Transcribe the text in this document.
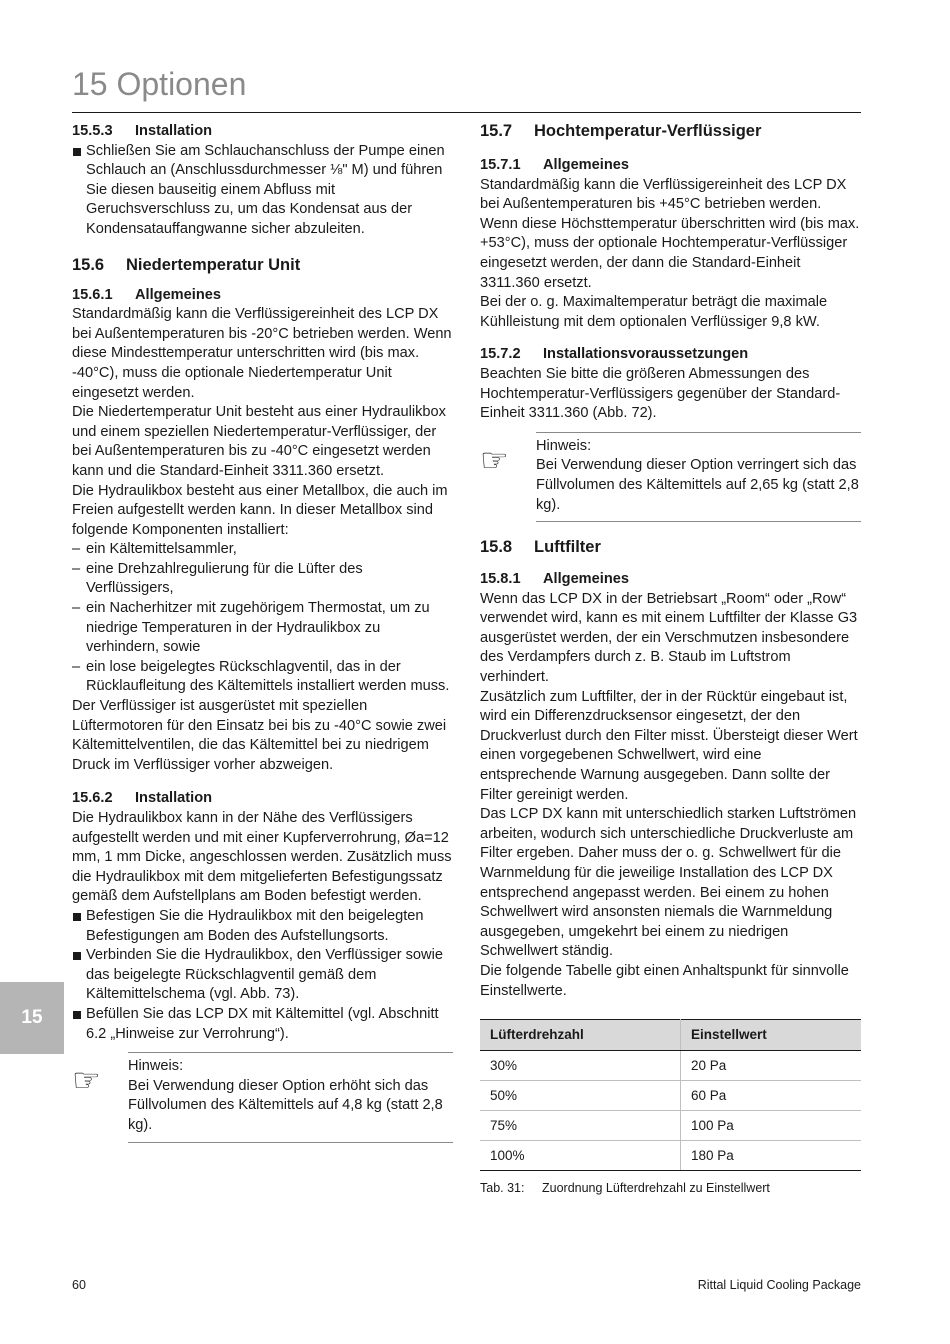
15 Optionen
15
15.5.3 Installation
Schließen Sie am Schlauchanschluss der Pumpe einen Schlauch an (Anschlussdurchmesser ⅛" M) und führen Sie diesen bauseitig einem Abfluss mit Geruchsverschluss zu, um das Kondensat aus der Kondensatauffangwanne sicher abzuleiten.
15.6 Niedertemperatur Unit
15.6.1 Allgemeines

Standardmäßig kann die Verflüssigereinheit des LCP DX bei Außentemperaturen bis -20°C betrieben werden. Wenn diese Mindesttemperatur unterschritten wird (bis max. -40°C), muss die optionale Niedertemperatur Unit eingesetzt werden.

Die Niedertemperatur Unit besteht aus einer Hydraulikbox und einem speziellen Niedertemperatur-Verflüssiger, der bei Außentemperaturen bis zu -40°C eingesetzt werden kann und die Standard-Einheit 3311.360 ersetzt.

Die Hydraulikbox besteht aus einer Metallbox, die auch im Freien aufgestellt werden kann. In dieser Metallbox sind folgende Komponenten installiert:

– ein Kältemittelsammler,
– eine Drehzahlregulierung für die Lüfter des Verflüssigers,
– ein Nacherhitzer mit zugehörigem Thermostat, um zu niedrige Temperaturen in der Hydraulikbox zu verhindern, sowie
– ein lose beigelegtes Rückschlagventil, das in der Rücklaufleitung des Kältemittels installiert werden muss.

Der Verflüssiger ist ausgerüstet mit speziellen Lüftermotoren für den Einsatz bei bis zu -40°C sowie zwei Kältemittelventilen, die das Kältemittel bei zu niedrigem Druck im Verflüssiger vorher abzweigen.

15.6.2 Installation

Die Hydraulikbox kann in der Nähe des Verflüssigers aufgestellt werden und mit einer Kupferverrohrung, Øa=12 mm, 1 mm Dicke, angeschlossen werden. Zusätzlich muss die Hydraulikbox mit dem mitgelieferten Befestigungssatz gemäß dem Aufstellplans am Boden befestigt werden.

Befestigen Sie die Hydraulikbox mit den beigelegten Befestigungen am Boden des Aufstellungsorts.
Verbinden Sie die Hydraulikbox, den Verflüssiger sowie das beigelegte Rückschlagventil gemäß dem Kältemittelschema (vgl. Abb. 73).
Befüllen Sie das LCP DX mit Kältemittel (vgl. Abschnitt 6.2 „Hinweise zur Verrohrung“).
☞	Hinweis:
Bei Verwendung dieser Option erhöht sich das Füllvolumen des Kältemittels auf 4,8 kg (statt 2,8 kg).
15.7 Hochtemperatur-Verflüssiger
15.7.1 Allgemeines

Standardmäßig kann die Verflüssigereinheit des LCP DX bei Außentemperaturen bis +45°C betrieben werden. Wenn diese Höchsttemperatur überschritten wird (bis max. +53°C), muss der optionale Hochtemperatur-Verflüssiger eingesetzt werden, der dann die Standard-Einheit 3311.360 ersetzt.

Bei der o. g. Maximaltemperatur beträgt die maximale Kühlleistung mit dem optionalen Verflüssiger 9,8 kW.

15.7.2 Installationsvoraussetzungen

Beachten Sie bitte die größeren Abmessungen des Hochtemperatur-Verflüssigers gegenüber der Standard-Einheit 3311.360 (Abb. 72).

☞	Hinweis:
Bei Verwendung dieser Option verringert sich das Füllvolumen des Kältemittels auf 2,65 kg (statt 2,8 kg).
15.8 Luftfilter
15.8.1 Allgemeines

Wenn das LCP DX in der Betriebsart „Room“ oder „Row“ verwendet wird, kann es mit einem Luftfilter der Klasse G3 ausgerüstet werden, der ein Verschmutzen insbesondere des Verdampfers durch z. B. Staub im Luftstrom verhindert.

Zusätzlich zum Luftfilter, der in der Rücktür eingebaut ist, wird ein Differenzdrucksensor eingesetzt, der den Druckverlust durch den Filter misst. Übersteigt dieser Wert einen vorgegebenen Schwellwert, wird eine entsprechende Warnung ausgegeben. Dann sollte der Filter gereinigt werden.

Das LCP DX kann mit unterschiedlich starken Luftströmen arbeiten, wodurch sich unterschiedliche Druckverluste am Filter ergeben. Daher muss der o. g. Schwellwert für die Warnmeldung für die jeweilige Installation des LCP DX entsprechend angepasst werden. Bei einem zu hohen Schwellwert wird ansonsten niemals die Warnmeldung ausgegeben, umgekehrt bei einem zu niedrigen Schwellwert ständig.

Die folgende Tabelle gibt einen Anhaltspunkt für sinnvolle Einstellwerte.

Lüfterdrehzahl	Einstellwert
30%	20 Pa
50%	60 Pa
75%	100 Pa
100%	180 Pa
Tab. 31: Zuordnung Lüfterdrehzahl zu Einstellwert
60	Rittal Liquid Cooling Package
